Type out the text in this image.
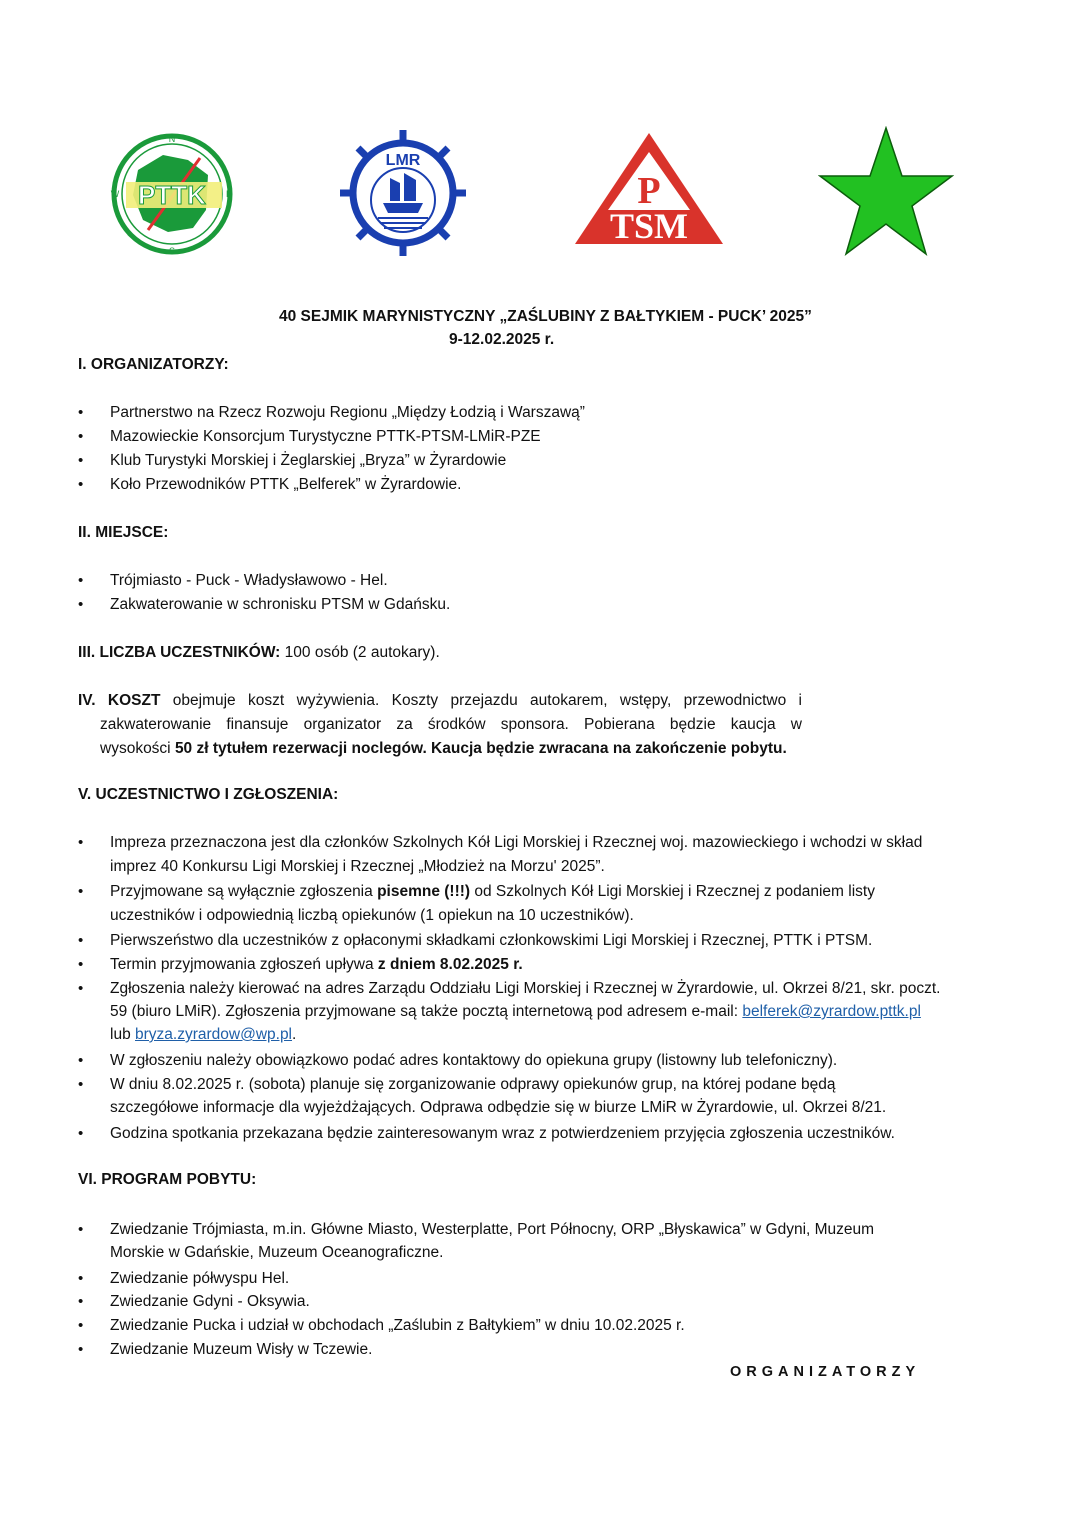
PTTK
N
E
S
W
LMR
P
TSM
40 SEJMIK MARYNISTYCZNY „ZAŚLUBINY Z BAŁTYKIEM - PUCK’ 2025”
9-12.02.2025 r.
I. ORGANIZATORZY:
• Partnerstwo na Rzecz Rozwoju Regionu „Między Łodzią i Warszawą”
• Mazowieckie Konsorcjum Turystyczne PTTK-PTSM-LMiR-PZE
• Klub Turystyki Morskiej i Żeglarskiej „Bryza” w Żyrardowie
• Koło Przewodników PTTK „Belferek” w Żyrardowie.
II. MIEJSCE:
• Trójmiasto - Puck - Władysławowo - Hel.
• Zakwaterowanie w schronisku PTSM w Gdańsku.
III. LICZBA UCZESTNIKÓW: 100 osób (2 autokary).
IV. KOSZT obejmuje koszt wyżywienia. Koszty przejazdu autokarem, wstępy, przewodnictwo i
zakwaterowanie finansuje organizator za środków sponsora. Pobierana będzie kaucja w
wysokości 50 zł tytułem rezerwacji noclegów. Kaucja będzie zwracana na zakończenie pobytu.
V. UCZESTNICTWO I ZGŁOSZENIA:
• Impreza przeznaczona jest dla członków Szkolnych Kół Ligi Morskiej i Rzecznej woj. mazowieckiego i wchodzi w skład
imprez 40 Konkursu Ligi Morskiej i Rzecznej „Młodzież na Morzu' 2025”.
• Przyjmowane są wyłącznie zgłoszenia pisemne (!!!) od Szkolnych Kół Ligi Morskiej i Rzecznej z podaniem listy
uczestników i odpowiednią liczbą opiekunów (1 opiekun na 10 uczestników).
• Pierwszeństwo dla uczestników z opłaconymi składkami członkowskimi Ligi Morskiej i Rzecznej, PTTK i PTSM.
• Termin przyjmowania zgłoszeń upływa z dniem 8.02.2025 r.
• Zgłoszenia należy kierować na adres Zarządu Oddziału Ligi Morskiej i Rzecznej w Żyrardowie, ul. Okrzei 8/21, skr. poczt.
59 (biuro LMiR). Zgłoszenia przyjmowane są także pocztą internetową pod adresem e-mail: belferek@zyrardow.pttk.pl
lub bryza.zyrardow@wp.pl.
• W zgłoszeniu należy obowiązkowo podać adres kontaktowy do opiekuna grupy (listowny lub telefoniczny).
• W dniu 8.02.2025 r. (sobota) planuje się zorganizowanie odprawy opiekunów grup, na której podane będą
szczegółowe informacje dla wyjeżdżających. Odprawa odbędzie się w biurze LMiR w Żyrardowie, ul. Okrzei 8/21.
• Godzina spotkania przekazana będzie zainteresowanym wraz z potwierdzeniem przyjęcia zgłoszenia uczestników.
VI. PROGRAM POBYTU:
• Zwiedzanie Trójmiasta, m.in. Główne Miasto, Westerplatte, Port Północny, ORP „Błyskawica” w Gdyni, Muzeum
Morskie w Gdańskie, Muzeum Oceanograficzne.
• Zwiedzanie półwyspu Hel.
• Zwiedzanie Gdyni - Oksywia.
• Zwiedzanie Pucka i udział w obchodach „Zaślubin z Bałtykiem” w dniu 10.02.2025 r.
• Zwiedzanie Muzeum Wisły w Tczewie.
ORGANIZATORZY
